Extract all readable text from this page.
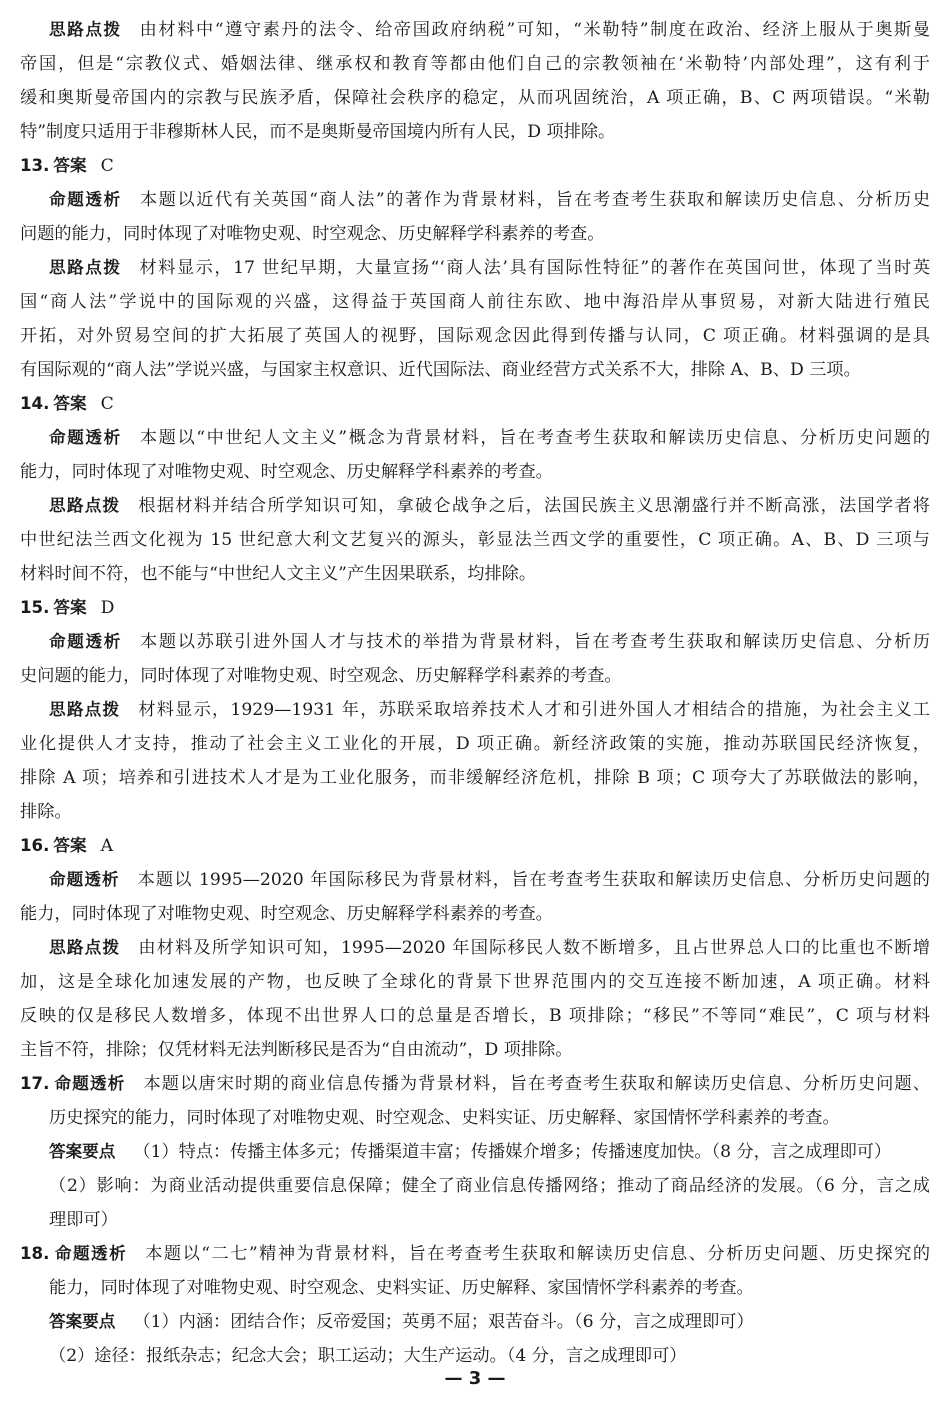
思路点拨 由材料中“遵守素丹的法令、给帝国政府纳税”可知，“米勒特”制度在政治、经济上服从于奥斯曼
帝国，但是“宗教仪式、婚姻法律、继承权和教育等都由他们自己的宗教领袖在‘米勒特’内部处理”，这有利于
缓和奥斯曼帝国内的宗教与民族矛盾，保障社会秩序的稳定，从而巩固统治，A 项正确，B、C 两项错误。“米勒
特”制度只适用于非穆斯林人民，而不是奥斯曼帝国境内所有人民，D 项排除。
13. 答案 C
命题透析 本题以近代有关英国“商人法”的著作为背景材料，旨在考查考生获取和解读历史信息、分析历史
问题的能力，同时体现了对唯物史观、时空观念、历史解释学科素养的考查。
思路点拨 材料显示，17 世纪早期，大量宣扬“‘商人法’具有国际性特征”的著作在英国问世，体现了当时英
国“商人法”学说中的国际观的兴盛，这得益于英国商人前往东欧、地中海沿岸从事贸易，对新大陆进行殖民
开拓，对外贸易空间的扩大拓展了英国人的视野，国际观念因此得到传播与认同，C 项正确。材料强调的是具
有国际观的“商人法”学说兴盛，与国家主权意识、近代国际法、商业经营方式关系不大，排除 A、B、D 三项。
14. 答案 C
命题透析 本题以“中世纪人文主义”概念为背景材料，旨在考查考生获取和解读历史信息、分析历史问题的
能力，同时体现了对唯物史观、时空观念、历史解释学科素养的考查。
思路点拨 根据材料并结合所学知识可知，拿破仑战争之后，法国民族主义思潮盛行并不断高涨，法国学者将
中世纪法兰西文化视为 15 世纪意大利文艺复兴的源头，彰显法兰西文学的重要性，C 项正确。A、B、D 三项与
材料时间不符，也不能与“中世纪人文主义”产生因果联系，均排除。
15. 答案 D
命题透析 本题以苏联引进外国人才与技术的举措为背景材料，旨在考查考生获取和解读历史信息、分析历
史问题的能力，同时体现了对唯物史观、时空观念、历史解释学科素养的考查。
思路点拨 材料显示，1929—1931 年，苏联采取培养技术人才和引进外国人才相结合的措施，为社会主义工
业化提供人才支持，推动了社会主义工业化的开展，D 项正确。新经济政策的实施，推动苏联国民经济恢复，
排除 A 项；培养和引进技术人才是为工业化服务，而非缓解经济危机，排除 B 项；C 项夸大了苏联做法的影响，
排除。
16. 答案 A
命题透析 本题以 1995—2020 年国际移民为背景材料，旨在考查考生获取和解读历史信息、分析历史问题的
能力，同时体现了对唯物史观、时空观念、历史解释学科素养的考查。
思路点拨 由材料及所学知识可知，1995—2020 年国际移民人数不断增多，且占世界总人口的比重也不断增
加，这是全球化加速发展的产物，也反映了全球化的背景下世界范围内的交互连接不断加速，A 项正确。材料
反映的仅是移民人数增多，体现不出世界人口的总量是否增长，B 项排除；“移民”不等同“难民”，C 项与材料
主旨不符，排除；仅凭材料无法判断移民是否为“自由流动”，D 项排除。
17. 命题透析 本题以唐宋时期的商业信息传播为背景材料，旨在考查考生获取和解读历史信息、分析历史问题、
历史探究的能力，同时体现了对唯物史观、时空观念、史料实证、历史解释、家国情怀学科素养的考查。
答案要点 （1）特点：传播主体多元；传播渠道丰富；传播媒介增多；传播速度加快。（8 分，言之成理即可）
（2）影响：为商业活动提供重要信息保障；健全了商业信息传播网络；推动了商品经济的发展。（6 分，言之成
理即可）
18. 命题透析 本题以“二七”精神为背景材料，旨在考查考生获取和解读历史信息、分析历史问题、历史探究的
能力，同时体现了对唯物史观、时空观念、史料实证、历史解释、家国情怀学科素养的考查。
答案要点 （1）内涵：团结合作；反帝爱国；英勇不屈；艰苦奋斗。（6 分，言之成理即可）
（2）途径：报纸杂志；纪念大会；职工运动；大生产运动。（4 分，言之成理即可）
— 3 —
